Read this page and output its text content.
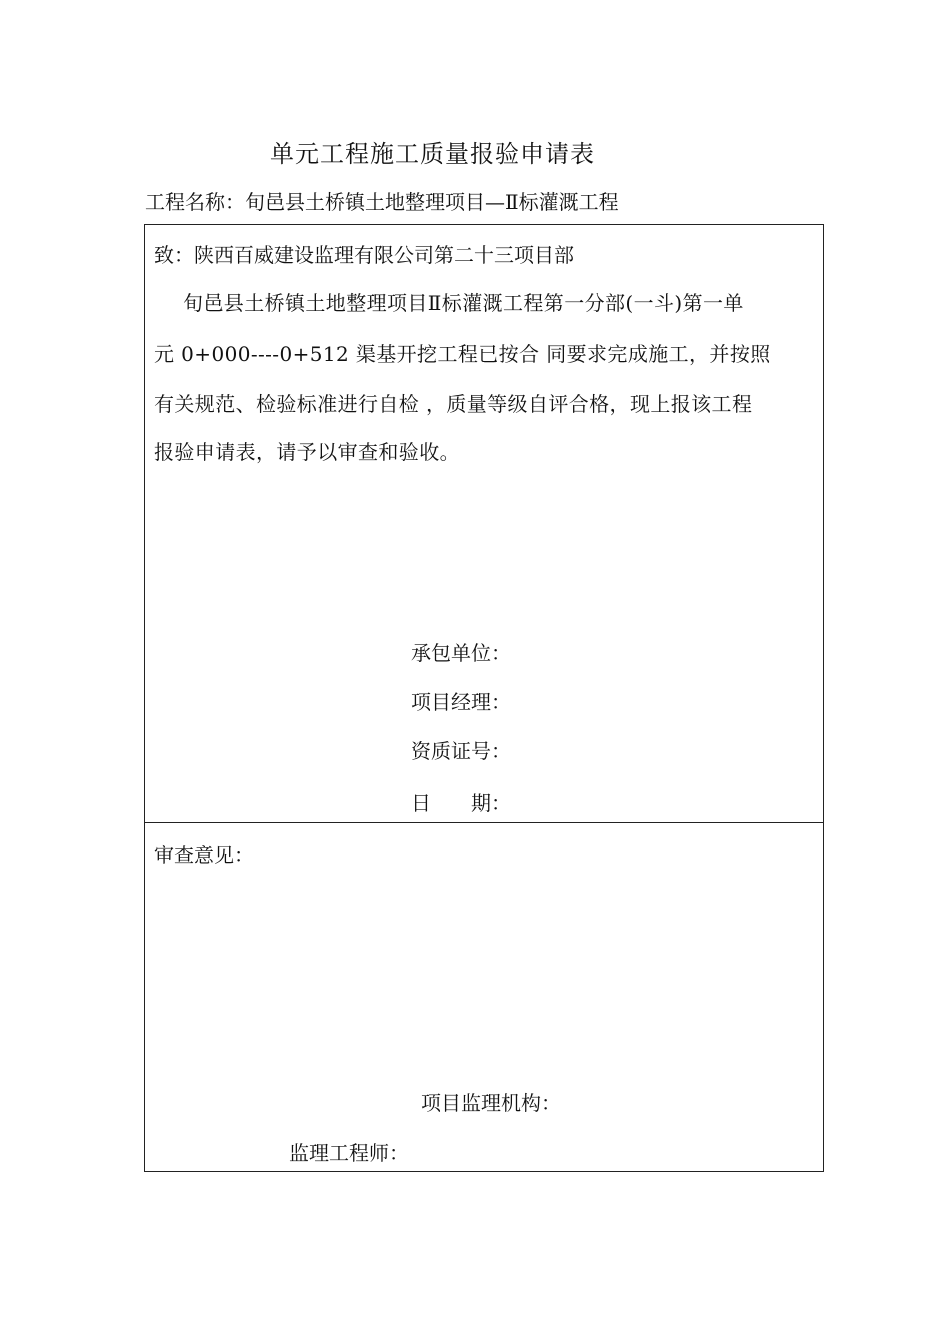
单元工程施工质量报验申请表
工程名称：旬邑县土桥镇土地整理项目—Ⅱ标灌溉工程
致：陕西百威建设监理有限公司第二十三项目部
旬邑县土桥镇土地整理项目Ⅱ标灌溉工程第一分部(一斗)第一单
元 0+000----0+512 渠基开挖工程已按合 同要求完成施工，并按照
有关规范、检验标准进行自检 ，质量等级自评合格，现上报该工程
报验申请表，请予以审查和验收。
承包单位：
项目经理：
资质证号：
日　　期：
审查意见：
项目监理机构：
监理工程师：
